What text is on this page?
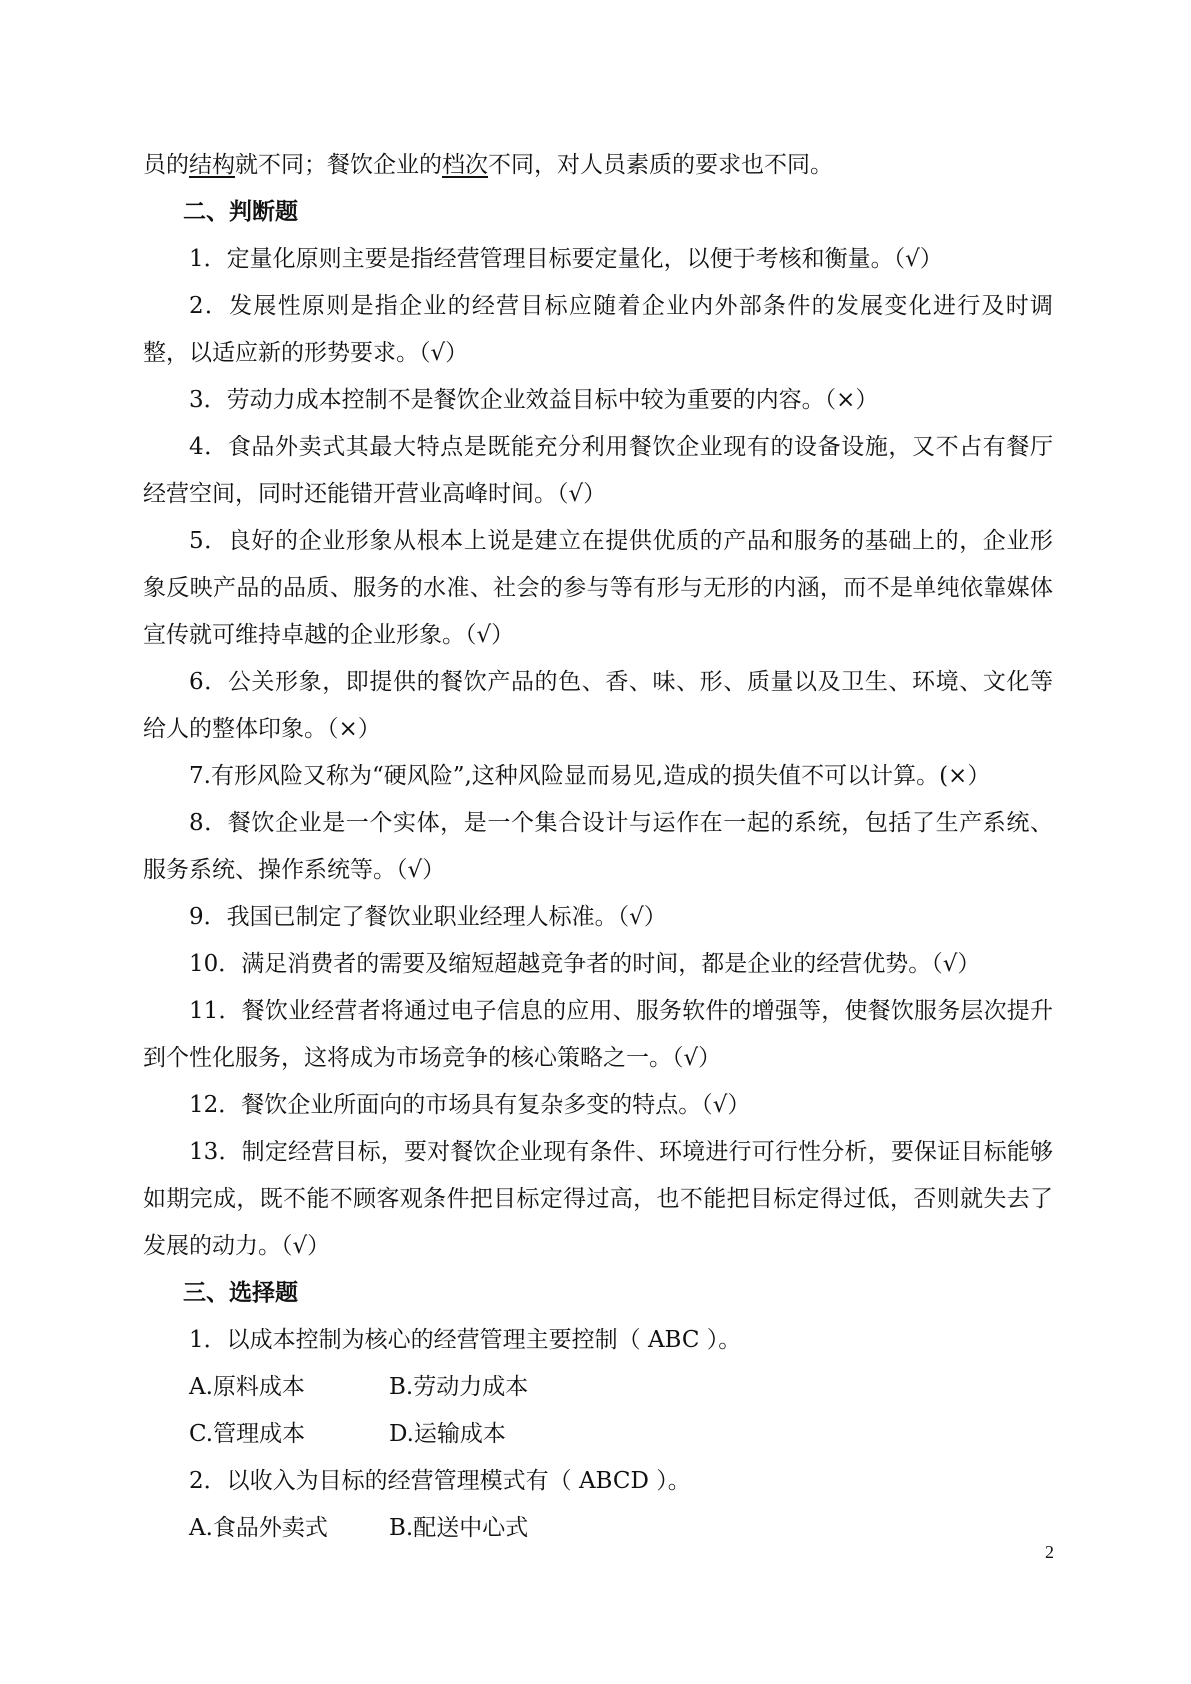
员的结构就不同；餐饮企业的档次不同，对人员素质的要求也不同。

二、判断题

1．定量化原则主要是指经营管理目标要定量化，以便于考核和衡量。（√）

2．发展性原则是指企业的经营目标应随着企业内外部条件的发展变化进行及时调整，以适应新的形势要求。（√）

3．劳动力成本控制不是餐饮企业效益目标中较为重要的内容。（×）

4．食品外卖式其最大特点是既能充分利用餐饮企业现有的设备设施，又不占有餐厅经营空间，同时还能错开营业高峰时间。（√）

5．良好的企业形象从根本上说是建立在提供优质的产品和服务的基础上的，企业形象反映产品的品质、服务的水准、社会的参与等有形与无形的内涵，而不是单纯依靠媒体宣传就可维持卓越的企业形象。（√）

6．公关形象，即提供的餐饮产品的色、香、味、形、质量以及卫生、环境、文化等给人的整体印象。（×）

7.有形风险又称为“硬风险”,这种风险显而易见,造成的损失值不可以计算。(×）

8．餐饮企业是一个实体，是一个集合设计与运作在一起的系统，包括了生产系统、服务系统、操作系统等。（√）

9．我国已制定了餐饮业职业经理人标准。（√）

10．满足消费者的需要及缩短超越竞争者的时间，都是企业的经营优势。（√）

11．餐饮业经营者将通过电子信息的应用、服务软件的增强等，使餐饮服务层次提升到个性化服务，这将成为市场竞争的核心策略之一。（√）

12．餐饮企业所面向的市场具有复杂多变的特点。（√）

13．制定经营目标，要对餐饮企业现有条件、环境进行可行性分析，要保证目标能够如期完成，既不能不顾客观条件把目标定得过高，也不能把目标定得过低，否则就失去了发展的动力。（√）

三、选择题

1．以成本控制为核心的经营管理主要控制（ ABC ）。

A.原料成本	B.劳动力成本
C.管理成本	D.运输成本

2．以收入为目标的经营管理模式有（ ABCD ）。

A.食品外卖式	B.配送中心式
2
